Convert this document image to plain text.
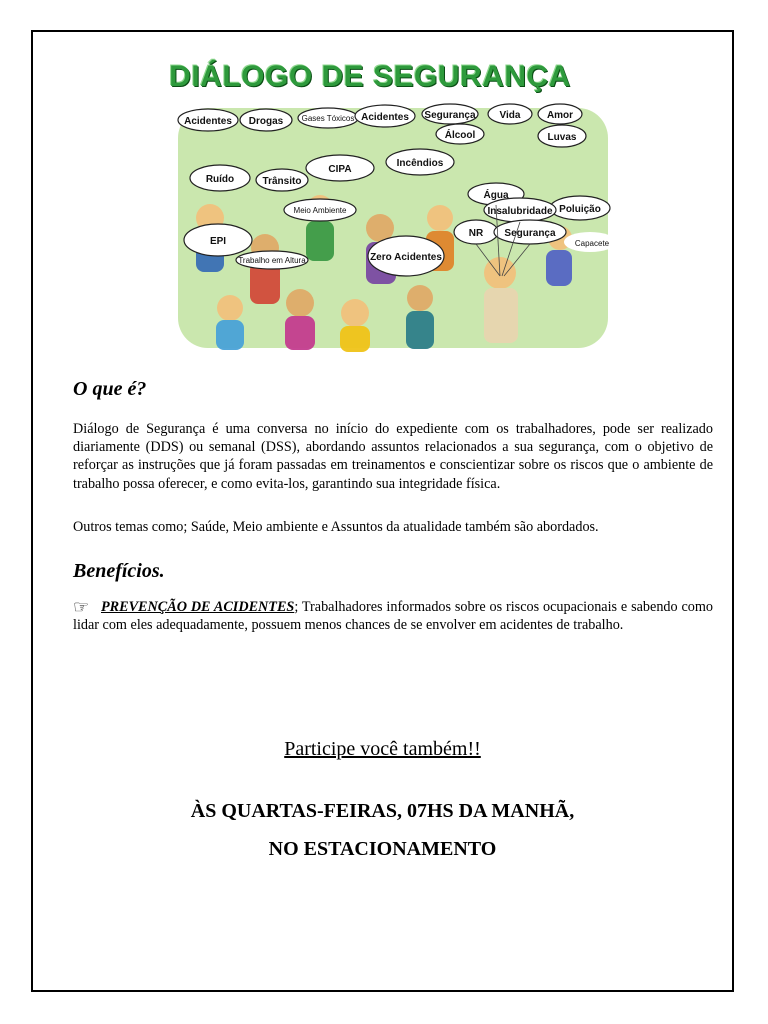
DIÁLOGO DE SEGURANÇA
Acidentes Drogas Gases Tóxicos Acidentes Segurança Vida	Amor
Álcool	Luvas
Ruído	Trânsito
CIPA
Incêndios
Água
Poluição
Insalubridade
Meio Ambiente
EPI
Trabalho em Altura	Zero Acidentes
NR Segurança
Capacete

O que é?

Diálogo de Segurança é uma conversa no início do expediente com os trabalhadores, pode ser realizado diariamente (DDS) ou semanal (DSS), abordando assuntos relacionados a sua segurança, com o objetivo de reforçar as instruções que já foram passadas em treinamentos e conscientizar sobre os riscos que o ambiente de trabalho possa oferecer, e como evita-los, garantindo sua integridade física.

Outros temas como; Saúde, Meio ambiente e Assuntos da atualidade também são abordados.

Benefícios.

☞ PREVENÇÃO DE ACIDENTES; Trabalhadores informados sobre os riscos ocupacionais e sabendo como lidar com eles adequadamente, possuem menos chances de se envolver em acidentes de trabalho.

Participe você também!!

ÀS QUARTAS-FEIRAS, 07HS DA MANHÃ,

NO ESTACIONAMENTO
